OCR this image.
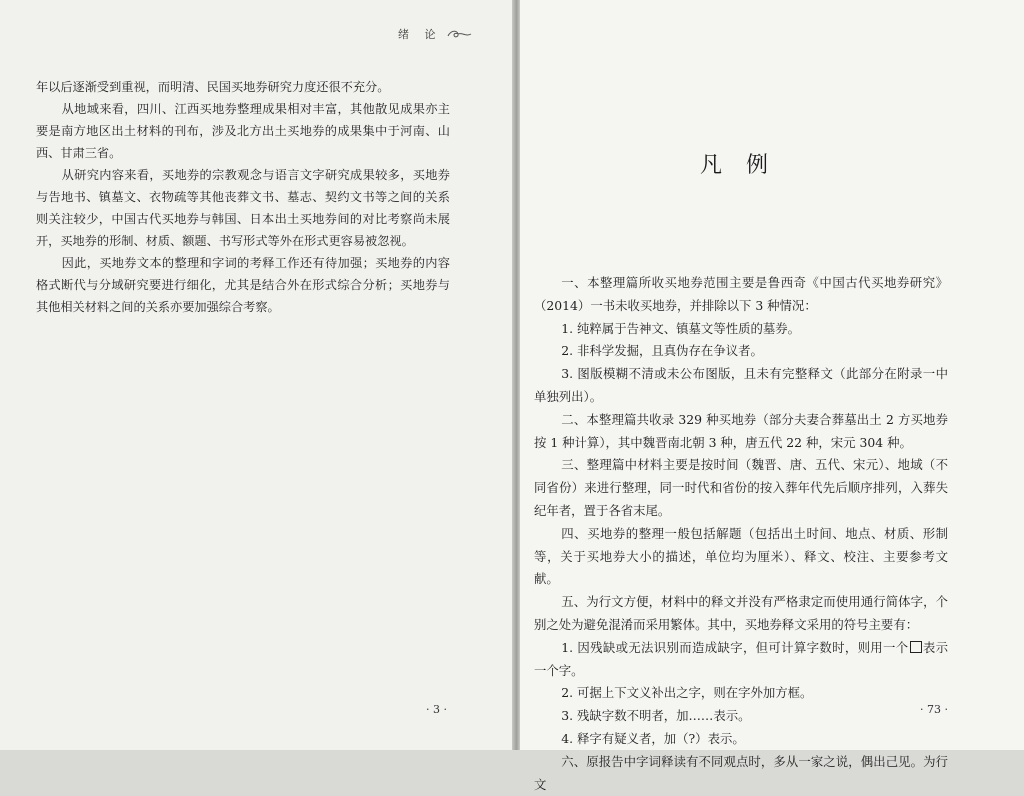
绪 论

年以后逐渐受到重视，而明清、民国买地券研究力度还很不充分。

从地域来看，四川、江西买地券整理成果相对丰富，其他散见成果亦主要是南方地区出土材料的刊布，涉及北方出土买地券的成果集中于河南、山西、甘肃三省。

从研究内容来看，买地券的宗教观念与语言文字研究成果较多，买地券与告地书、镇墓文、衣物疏等其他丧葬文书、墓志、契约文书等之间的关系则关注较少，中国古代买地券与韩国、日本出土买地券间的对比考察尚未展开，买地券的形制、材质、额题、书写形式等外在形式更容易被忽视。

因此，买地券文本的整理和字词的考释工作还有待加强；买地券的内容格式断代与分域研究要进行细化，尤其是结合外在形式综合分析；买地券与其他相关材料之间的关系亦要加强综合考察。

· 3 ·
凡例

一、本整理篇所收买地券范围主要是鲁西奇《中国古代买地券研究》（2014）一书未收买地券，并排除以下 3 种情况：

1. 纯粹属于告神文、镇墓文等性质的墓券。

2. 非科学发掘，且真伪存在争议者。

3. 图版模糊不清或未公布图版，且未有完整释文（此部分在附录一中单独列出）。

二、本整理篇共收录 329 种买地券（部分夫妻合葬墓出土 2 方买地券按 1 种计算），其中魏晋南北朝 3 种，唐五代 22 种，宋元 304 种。

三、整理篇中材料主要是按时间（魏晋、唐、五代、宋元）、地域（不同省份）来进行整理，同一时代和省份的按入葬年代先后顺序排列，入葬失纪年者，置于各省末尾。

四、买地券的整理一般包括解题（包括出土时间、地点、材质、形制等，关于买地券大小的描述，单位均为厘米）、释文、校注、主要参考文献。

五、为行文方便，材料中的释文并没有严格隶定而使用通行简体字，个别之处为避免混淆而采用繁体。其中，买地券释文采用的符号主要有：

1. 因残缺或无法识别而造成缺字，但可计算字数时，则用一个 表示一个字。

2. 可据上下文义补出之字，则在字外加方框。

3. 残缺字数不明者，加……表示。

4. 释字有疑义者，加（?）表示。

六、原报告中字词释读有不同观点时，多从一家之说，偶出己见。为行文

· 73 ·
